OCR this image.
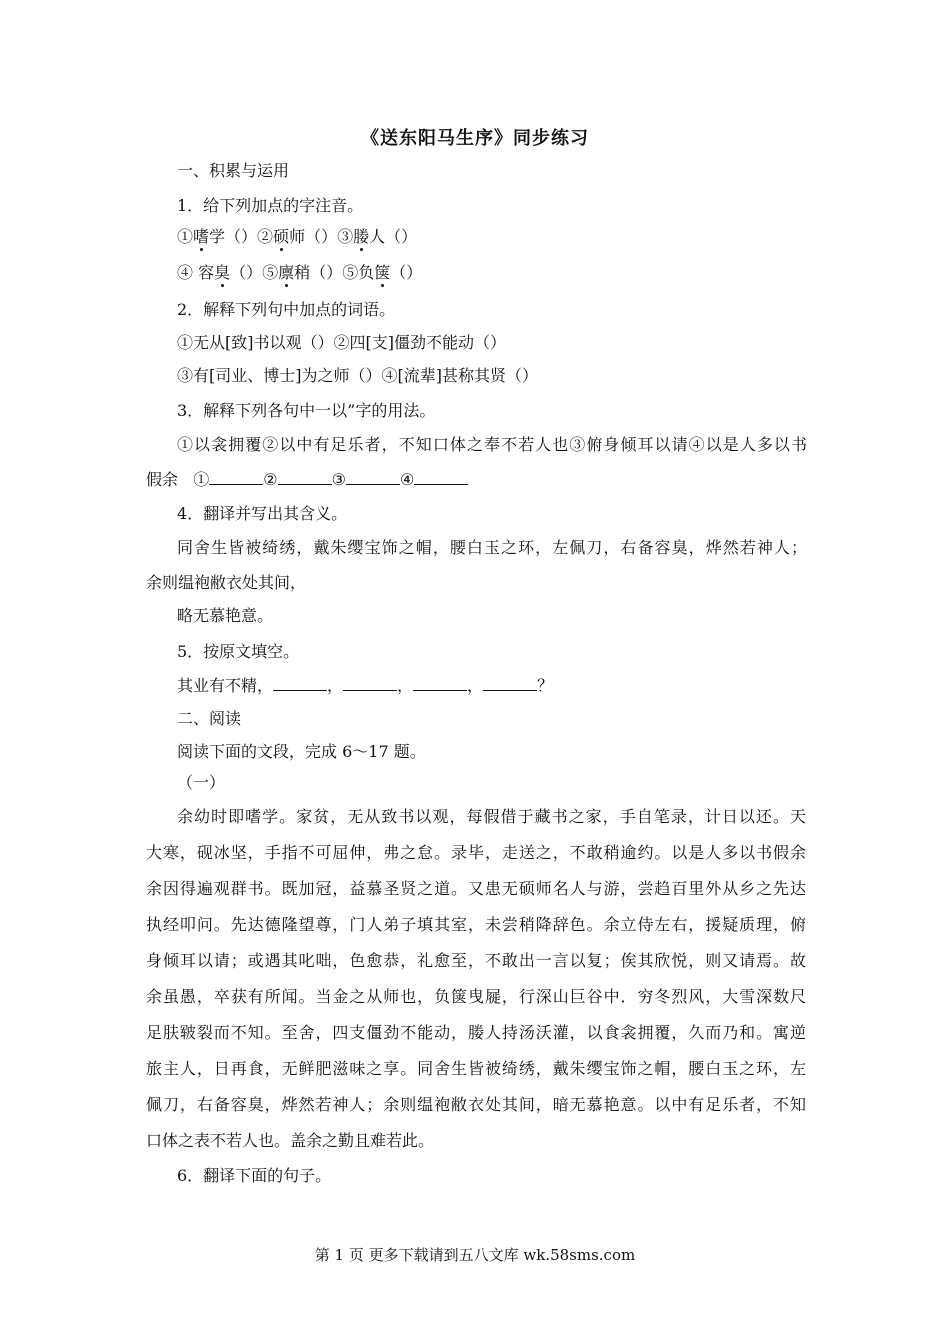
《送东阳马生序》同步练习
一、积累与运用
1．给下列加点的字注音。
①嗜学（）②硕师（）③媵人（）
④ 容臭（）⑤廪稍（）⑤负箧（）
2．解释下列句中加点的词语。
①无从[致]书以观（）②四[支]僵劲不能动（）
③有[司业、博士]为之师（）④[流辈]甚称其贤（）
3．解释下列各句中一以”字的用法。
①以衾拥覆②以中有足乐者，不知口体之奉不若人也③俯身倾耳以请④以是人多以书
假余 ①	②	③	④
4．翻译并写出其含义。
同舍生皆被绮绣，戴朱缨宝饰之帽，腰白玉之环，左佩刀，右备容臭，烨然若神人；
余则缊袍敝衣处其间，
略无慕艳意。
5．按原文填空。
其业有不精，	，	，	，	？
二、阅读
阅读下面的文段，完成 6～17 题。
（一）
余幼时即嗜学。家贫，无从致书以观，每假借于藏书之家，手自笔录，计日以还。天
大寒，砚冰坚，手指不可屈伸，弗之怠。录毕，走送之，不敢稍逾约。以是人多以书假余
余因得遍观群书。既加冠，益慕圣贤之道。又患无硕师名人与游，尝趋百里外从乡之先达
执经叩问。先达德隆望尊，门人弟子填其室，未尝稍降辞色。余立侍左右，援疑质理，俯
身倾耳以请；或遇其叱咄，色愈恭，礼愈至，不敢出一言以复；俟其欣悦，则又请焉。故
余虽愚，卒获有所闻。当金之从师也，负箧曳屣，行深山巨谷中．穷冬烈风，大雪深数尺
足肤皲裂而不知。至舍，四支僵劲不能动，媵人持汤沃灌，以食衾拥覆，久而乃和。寓逆
旅主人，日再食，无鲜肥滋味之享。同舍生皆被绮绣，戴朱缨宝饰之帽，腰白玉之环，左
佩刀，右备容臭，烨然若神人；余则缊袍敝衣处其间，暗无慕艳意。以中有足乐者，不知
口体之表不若人也。盖余之勤且难若此。
6．翻译下面的句子。
第 1 页 更多下载请到五八文库 wk.58sms.com
